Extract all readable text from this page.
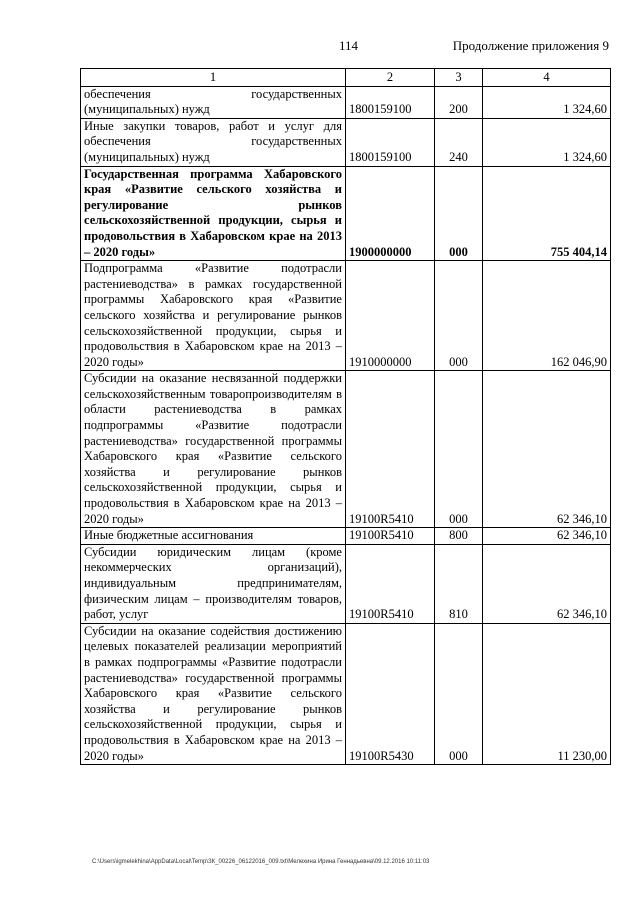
114	Продолжение приложения 9
1	2	3	4
обеспечения государственных (муниципальных) нужд	1800159100	200	1 324,60
Иные закупки товаров, работ и услуг для обеспечения государственных (муниципальных) нужд	1800159100	240	1 324,60
Государственная программа Хабаровского края «Развитие сельского хозяйства и регулирование рынков сельскохозяйственной продукции, сырья и продовольствия в Хабаровском крае на 2013 – 2020 годы»	1900000000	000	755 404,14
Подпрограмма «Развитие подотрасли растениеводства» в рамках государственной программы Хабаровского края «Развитие сельского хозяйства и регулирование рынков сельскохозяйственной продукции, сырья и продовольствия в Хабаровском крае на 2013 – 2020 годы»	1910000000	000	162 046,90
Субсидии на оказание несвязанной поддержки сельскохозяйственным товаропроизводителям в области растениеводства в рамках подпрограммы «Развитие подотрасли растениеводства» государственной программы Хабаровского края «Развитие сельского хозяйства и регулирование рынков сельскохозяйственной продукции, сырья и продовольствия в Хабаровском крае на 2013 – 2020 годы»	19100R5410	000	62 346,10
Иные бюджетные ассигнования	19100R5410	800	62 346,10
Субсидии юридическим лицам (кроме некоммерческих организаций), индивидуальным предпринимателям, физическим лицам – производителям товаров, работ, услуг	19100R5410	810	62 346,10
Субсидии на оказание содействия достижению целевых показателей реализации мероприятий в рамках подпрограммы «Развитие подотрасли растениеводства» государственной программы Хабаровского края «Развитие сельского хозяйства и регулирование рынков сельскохозяйственной продукции, сырья и продовольствия в Хабаровском крае на 2013 – 2020 годы»	19100R5430	000	11 230,00
C:\Users\igmelekhina\AppData\Local\Temp\ЗК_00226_06122016_009.txt\Мелехина Ирина Геннадьевна\09.12.2016 10:11:03
